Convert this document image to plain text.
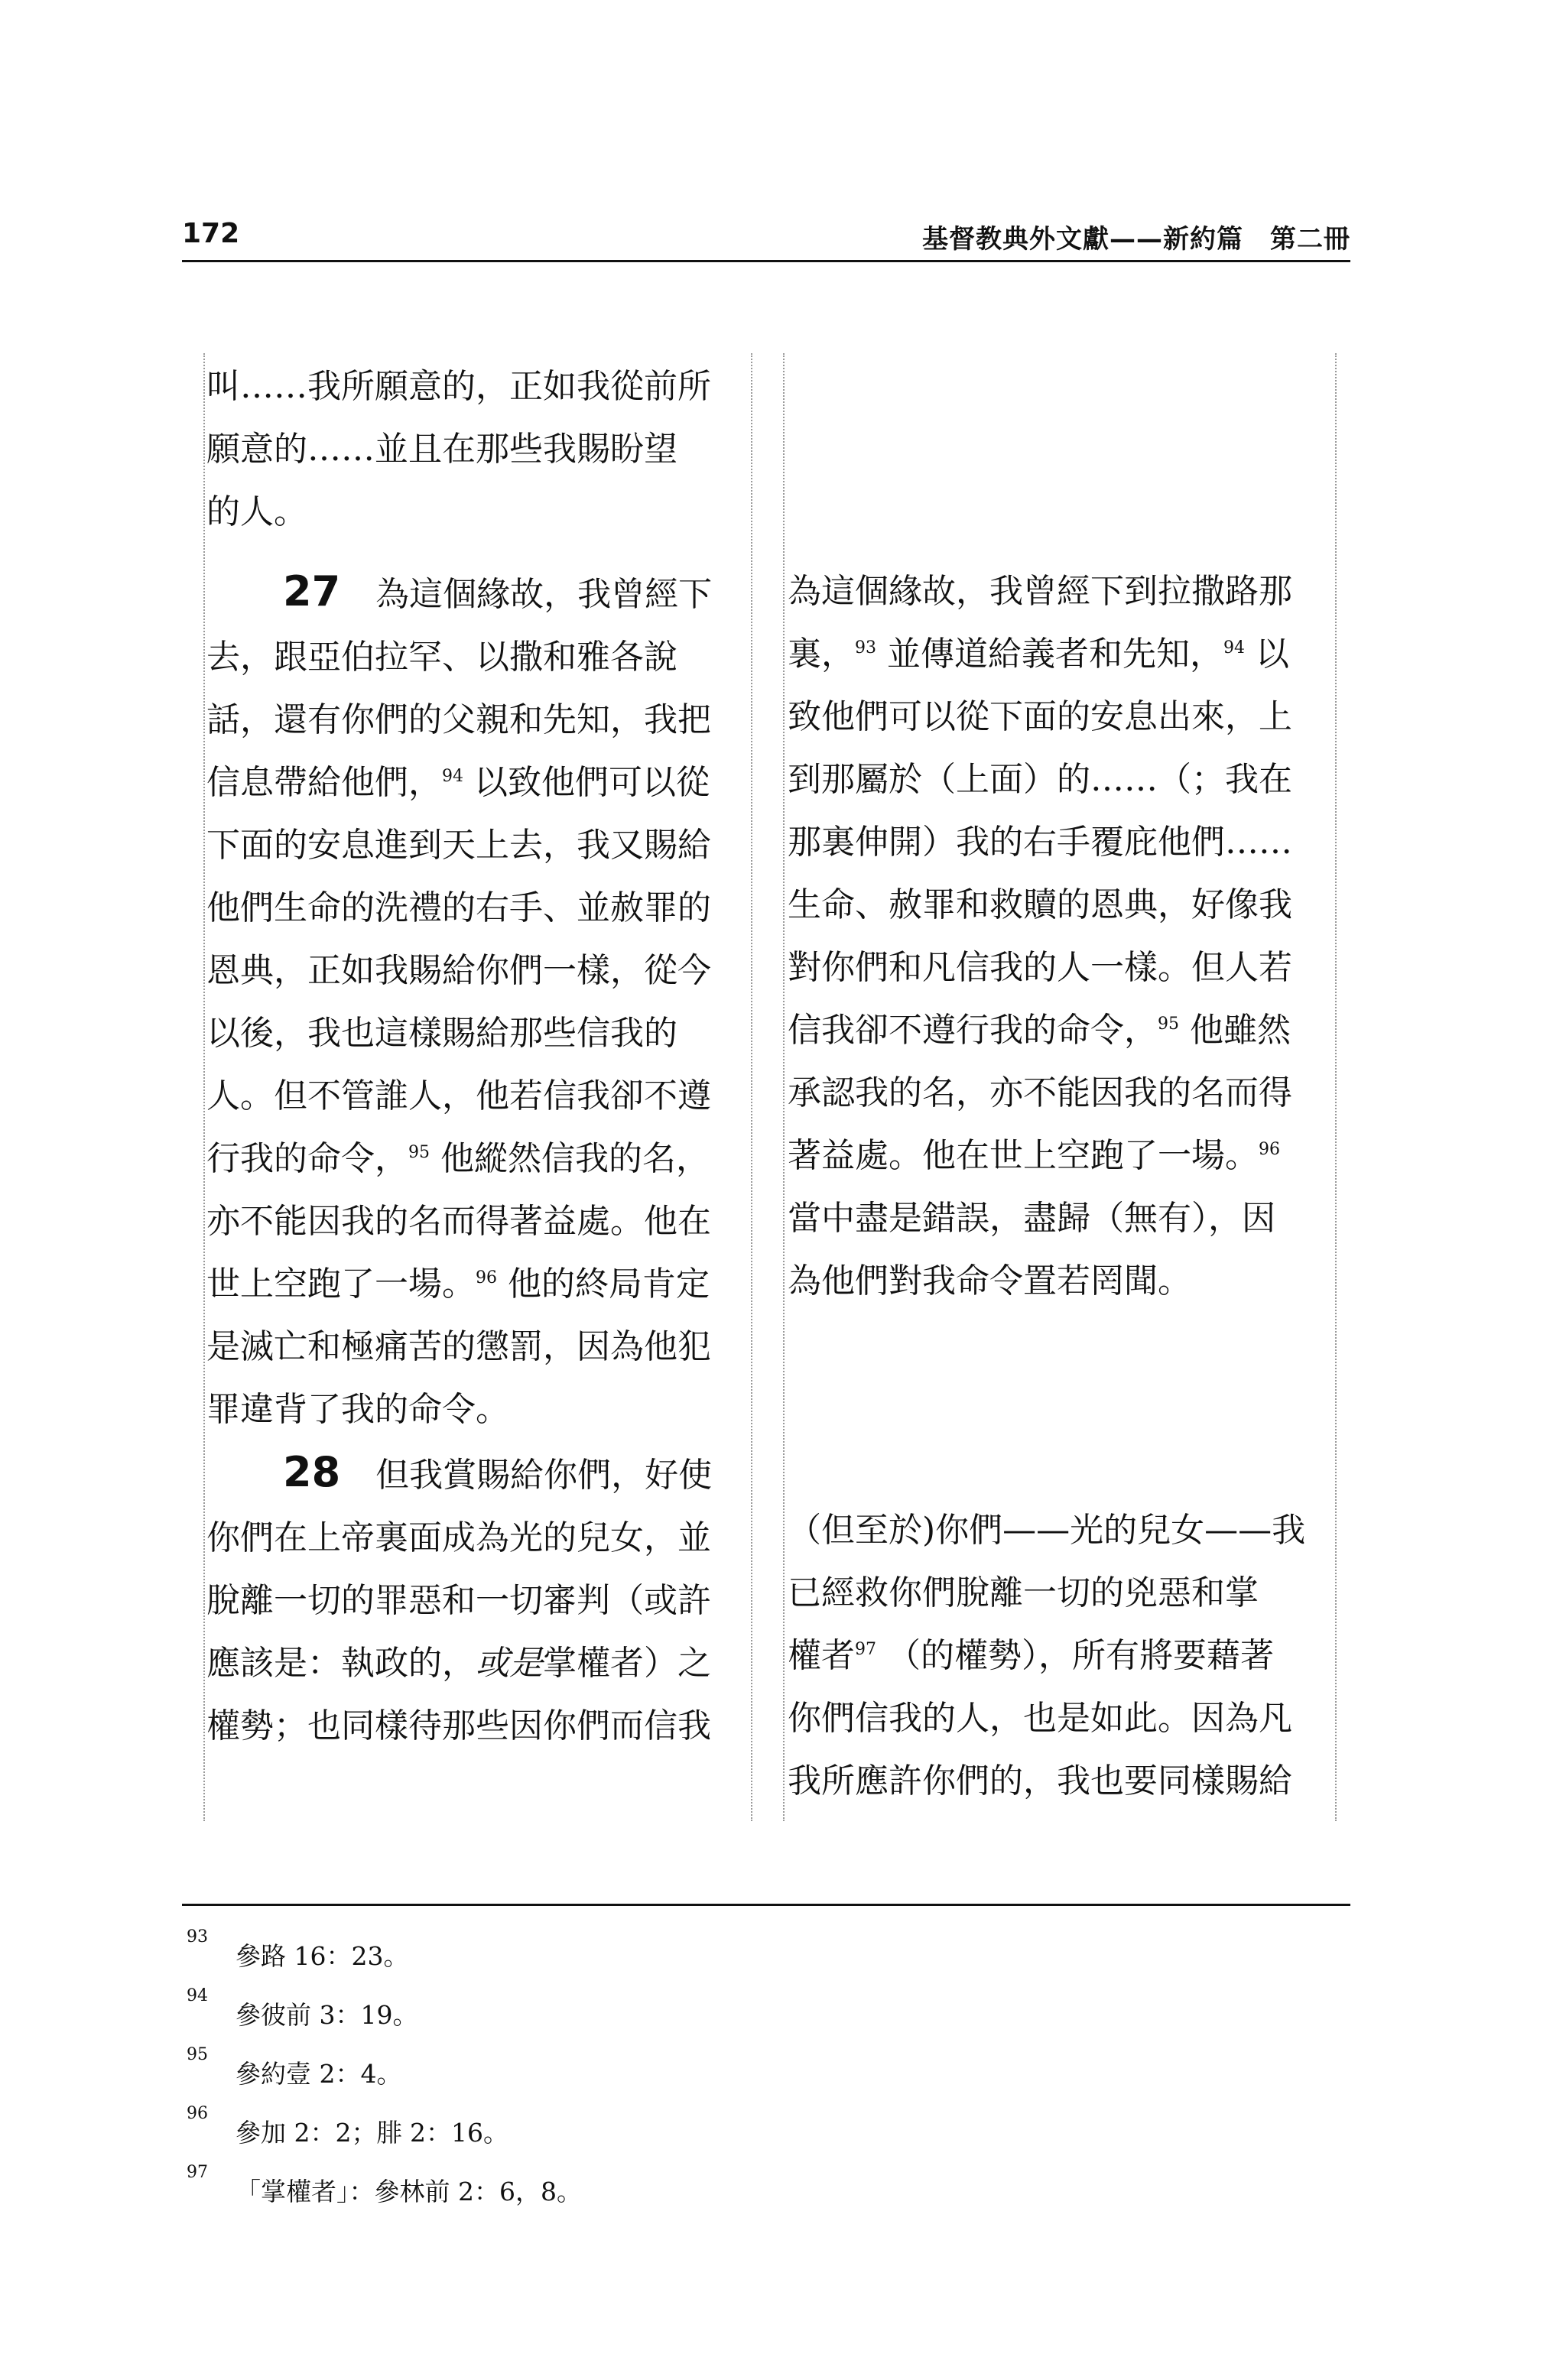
172	基督教典外文獻——新約篇　第二冊

叫……我所願意的，正如我從前所

願意的……並且在那些我賜盼望

的人。

27 為這個緣故，我曾經下

去，跟亞伯拉罕、以撒和雅各說

話，還有你們的父親和先知，我把

信息帶給他們，$^{94}$ 以致他們可以從

下面的安息進到天上去，我又賜給

他們生命的洗禮的右手、並赦罪的

恩典，正如我賜給你們一樣，從今

以後，我也這樣賜給那些信我的

人。但不管誰人，他若信我卻不遵

行我的命令，$^{95}$ 他縱然信我的名，

亦不能因我的名而得著益處。他在

世上空跑了一場。$^{96}$ 他的終局肯定

是滅亡和極痛苦的懲罰，因為他犯

罪違背了我的命令。

28 但我賞賜給你們，好使

你們在上帝裏面成為光的兒女，並

脫離一切的罪惡和一切審判（或許

應該是：執政的，或是掌權者）之

權勢；也同樣待那些因你們而信我

為這個緣故，我曾經下到拉撒路那

裏，$^{93}$ 並傳道給義者和先知，$^{94}$ 以

致他們可以從下面的安息出來，上

到那屬於（上面）的……（；我在

那裏伸開）我的右手覆庇他們……

生命、赦罪和救贖的恩典，好像我

對你們和凡信我的人一樣。但人若

信我卻不遵行我的命令，$^{95}$ 他雖然

承認我的名，亦不能因我的名而得

著益處。他在世上空跑了一場。$^{96}$

當中盡是錯誤，盡歸（無有），因

為他們對我命令置若罔聞。

（但至於)你們——光的兒女——我

已經救你們脫離一切的兇惡和掌

權者$^{97}$ （的權勢），所有將要藉著

你們信我的人，也是如此。因為凡

我所應許你們的，我也要同樣賜給

93
參路 16：23。
94
參彼前 3：19。
95
參約壹 2：4。
96
參加 2：2；腓 2：16。
97
「掌權者」：參林前 2：6，8。
